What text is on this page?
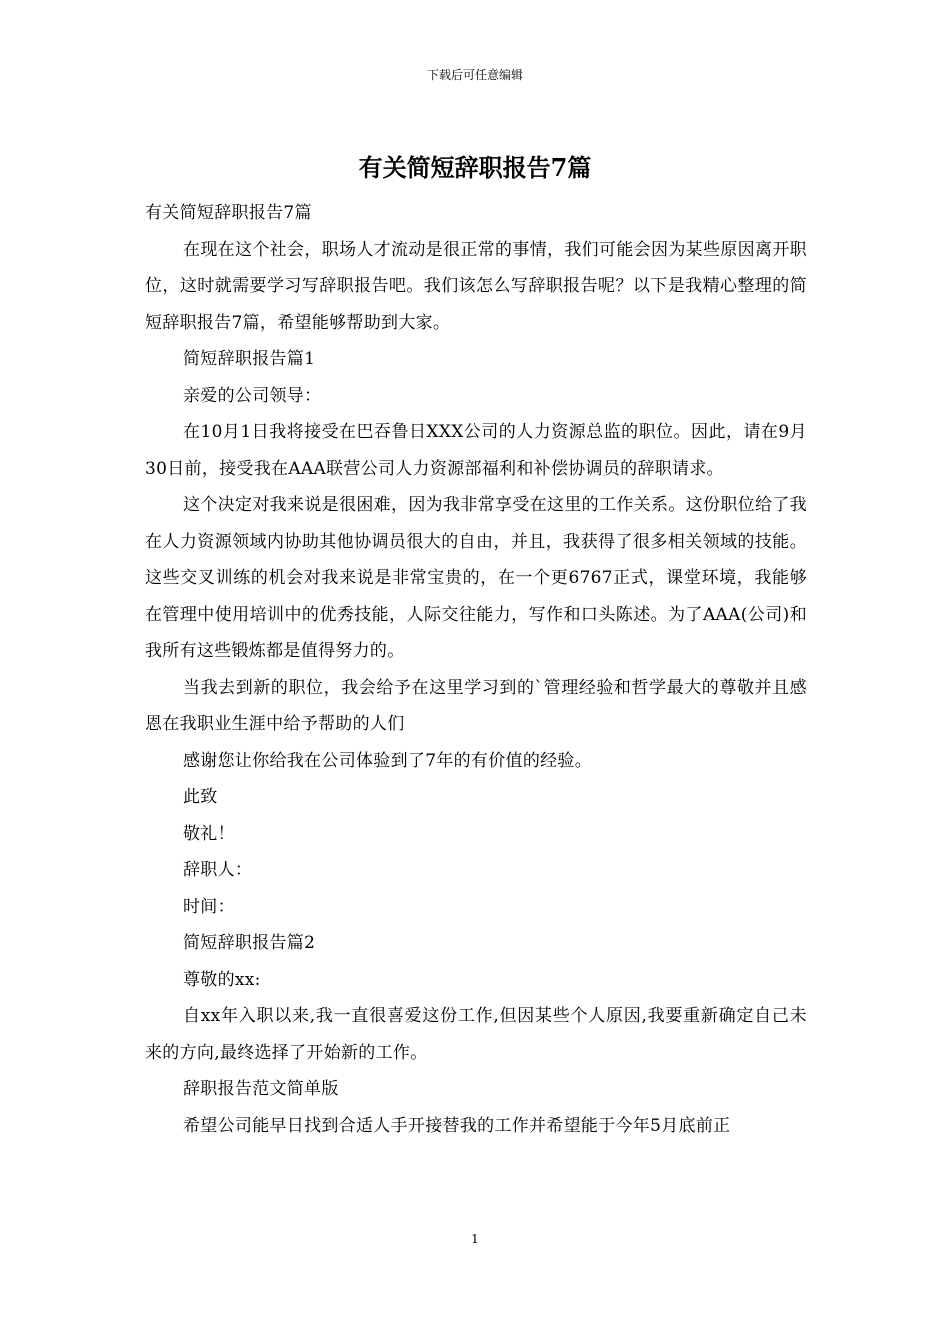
下载后可任意编辑
有关简短辞职报告7篇

有关简短辞职报告7篇

在现在这个社会，职场人才流动是很正常的事情，我们可能会因为某些原因离开职位，这时就需要学习写辞职报告吧。我们该怎么写辞职报告呢？以下是我精心整理的简短辞职报告7篇，希望能够帮助到大家。

简短辞职报告篇1

亲爱的公司领导：

在10月1日我将接受在巴吞鲁日XXX公司的人力资源总监的职位。因此，请在9月30日前，接受我在AAA联营公司人力资源部福利和补偿协调员的辞职请求。

这个决定对我来说是很困难，因为我非常享受在这里的工作关系。这份职位给了我在人力资源领域内协助其他协调员很大的自由，并且，我获得了很多相关领域的技能。这些交叉训练的机会对我来说是非常宝贵的，在一个更6767正式，课堂环境，我能够在管理中使用培训中的优秀技能，人际交往能力，写作和口头陈述。为了AAA(公司)和我所有这些锻炼都是值得努力的。

当我去到新的职位，我会给予在这里学习到的`管理经验和哲学最大的尊敬并且感恩在我职业生涯中给予帮助的人们

感谢您让你给我在公司体验到了7年的有价值的经验。

此致

敬礼！

辞职人：

时间：

简短辞职报告篇2

尊敬的xx:

自xx年入职以来,我一直很喜爱这份工作,但因某些个人原因,我要重新确定自己未来的方向,最终选择了开始新的工作。

辞职报告范文简单版

希望公司能早日找到合适人手开接替我的工作并希望能于今年5月底前正

1
